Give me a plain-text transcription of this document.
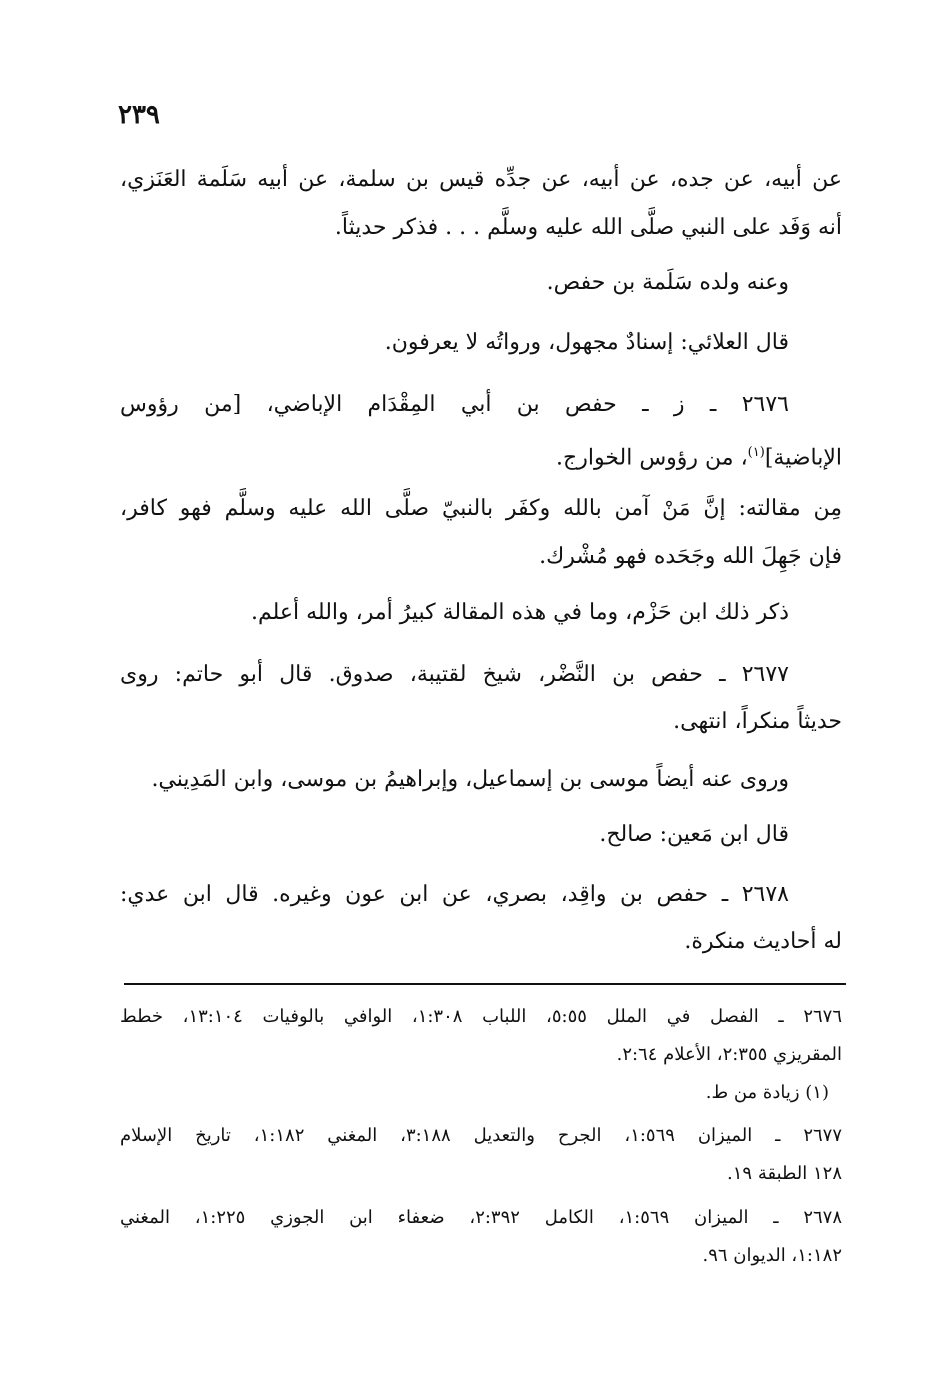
٢٣٩
عن أبيه، عن جده، عن أبيه، عن جدِّه قيس بن سلمة، عن أبيه سَلَمة العَنَزي،
أنه وَفَد على النبي صلَّى الله عليه وسلَّم . . . فذكر حديثاً.
وعنه ولده سَلَمة بن حفص.
قال العلائي: إسنادٌ مجهول، ورواتُه لا يعرفون.
٢٦٧٦ ـ ز ـ حفص بن أبي المِقْدَام الإباضي، [من رؤوس
الإباضية]$^{(١)}$، من رؤوس الخوارج.
مِن مقالته: إنَّ مَنْ آمن بالله وكفَر بالنبيّ صلَّى الله عليه وسلَّم فهو كافر،
فإن جَهِلَ الله وجَحَده فهو مُشْرك.
ذكر ذلك ابن حَزْم، وما في هذه المقالة كبيرُ أمر، والله أعلم.
٢٦٧٧ ـ حفص بن النَّضْر، شيخ لقتيبة، صدوق. قال أبو حاتم: روى
حديثاً منكراً، انتهى.
وروى عنه أيضاً موسى بن إسماعيل، وإبراهيمُ بن موسى، وابن المَدِيني.
قال ابن مَعين: صالح.
٢٦٧٨ ـ حفص بن واقِد، بصري، عن ابن عون وغيره. قال ابن عدي:
له أحاديث منكرة.
٢٦٧٦ ـ الفصل في الملل ٥:٥٥، اللباب ١:٣٠٨، الوافي بالوفيات ١٣:١٠٤، خطط
المقريزي ٢:٣٥٥، الأعلام ٢:٦٤.
(١) زيادة من ط.
٢٦٧٧ ـ الميزان ١:٥٦٩، الجرح والتعديل ٣:١٨٨، المغني ١:١٨٢، تاريخ الإسلام
١٢٨ الطبقة ١٩.
٢٦٧٨ ـ الميزان ١:٥٦٩، الكامل ٢:٣٩٢، ضعفاء ابن الجوزي ١:٢٢٥، المغني
١:١٨٢، الديوان ٩٦.
